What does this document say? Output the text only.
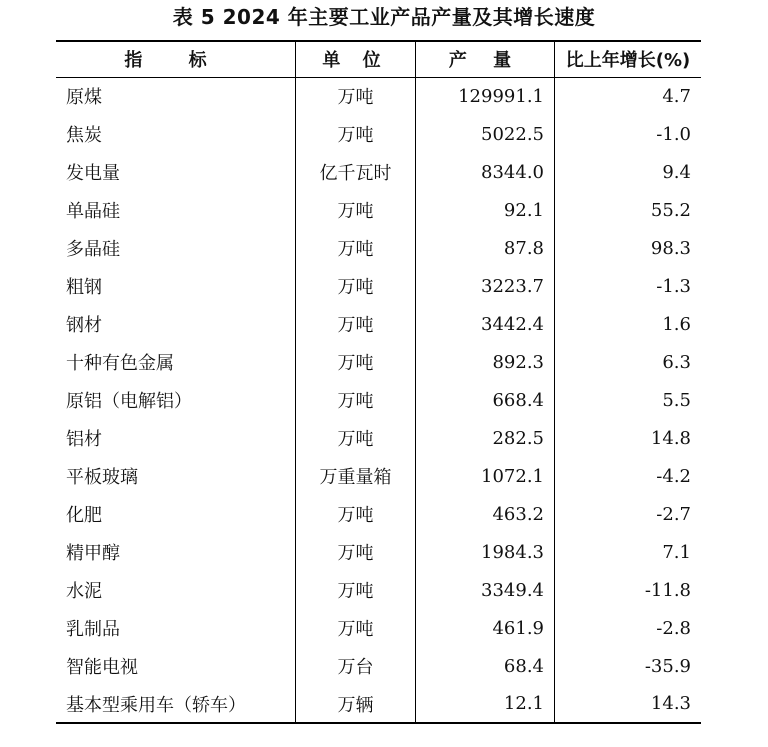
表 5 2024 年主要工业产品产量及其增长速度
指 标	单 位	产 量	比上年增长(%)
原煤	万吨	129991.1	4.7
焦炭	万吨	5022.5	-1.0
发电量	亿千瓦时	8344.0	9.4
单晶硅	万吨	92.1	55.2
多晶硅	万吨	87.8	98.3
粗钢	万吨	3223.7	-1.3
钢材	万吨	3442.4	1.6
十种有色金属	万吨	892.3	6.3
原铝（电解铝）	万吨	668.4	5.5
铝材	万吨	282.5	14.8
平板玻璃	万重量箱	1072.1	-4.2
化肥	万吨	463.2	-2.7
精甲醇	万吨	1984.3	7.1
水泥	万吨	3349.4	-11.8
乳制品	万吨	461.9	-2.8
智能电视	万台	68.4	-35.9
基本型乘用车（轿车）	万辆	12.1	14.3
